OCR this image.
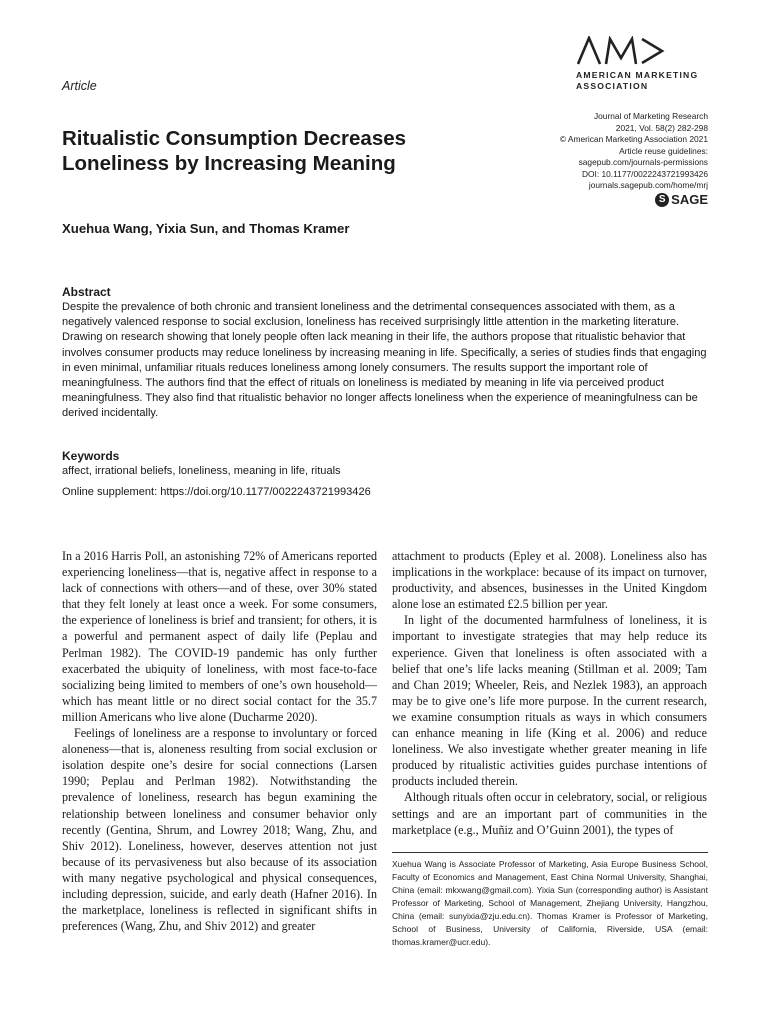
Article
AMERICAN MARKETING
ASSOCIATION
Journal of Marketing Research
2021, Vol. 58(2) 282-298
© American Marketing Association 2021
Article reuse guidelines:
sagepub.com/journals-permissions
DOI: 10.1177/0022243721993426
journals.sagepub.com/home/mrj
S SAGE
Ritualistic Consumption Decreases Loneliness by Increasing Meaning
Xuehua Wang, Yixia Sun, and Thomas Kramer
Abstract
Despite the prevalence of both chronic and transient loneliness and the detrimental consequences associated with them, as a negatively valenced response to social exclusion, loneliness has received surprisingly little attention in the marketing literature. Drawing on research showing that lonely people often lack meaning in their life, the authors propose that ritualistic behavior that involves consumer products may reduce loneliness by increasing meaning in life. Specifically, a series of studies finds that engaging in even minimal, unfamiliar rituals reduces loneliness among lonely consumers. The results support the important role of meaningfulness. The authors find that the effect of rituals on loneliness is mediated by meaning in life via perceived product meaningfulness. They also find that ritualistic behavior no longer affects loneliness when the experience of meaningfulness can be derived incidentally.
Keywords
affect, irrational beliefs, loneliness, meaning in life, rituals
Online supplement: https://doi.org/10.1177/0022243721993426

In a 2016 Harris Poll, an astonishing 72% of Americans reported experiencing loneliness—that is, negative affect in response to a lack of connections with others—and of these, over 30% stated that they felt lonely at least once a week. For some consumers, the experience of loneliness is brief and transient; for others, it is a powerful and permanent aspect of daily life (Peplau and Perlman 1982). The COVID-19 pandemic has only further exacerbated the ubiquity of loneliness, with most face-to-face socializing being limited to members of one’s own household—which has meant little or no direct social contact for the 35.7 million Americans who live alone (Ducharme 2020).

Feelings of loneliness are a response to involuntary or forced aloneness—that is, aloneness resulting from social exclusion or isolation despite one’s desire for social connections (Larsen 1990; Peplau and Perlman 1982). Notwithstanding the prevalence of loneliness, research has begun examining the relationship between loneliness and consumer behavior only recently (Gentina, Shrum, and Lowrey 2018; Wang, Zhu, and Shiv 2012). Loneliness, however, deserves attention not just because of its pervasiveness but also because of its association with many negative psychological and physical consequences, including depression, suicide, and early death (Hafner 2016). In the marketplace, loneliness is reflected in significant shifts in preferences (Wang, Zhu, and Shiv 2012) and greater

attachment to products (Epley et al. 2008). Loneliness also has implications in the workplace: because of its impact on turnover, productivity, and absences, businesses in the United Kingdom alone lose an estimated £2.5 billion per year.

In light of the documented harmfulness of loneliness, it is important to investigate strategies that may help reduce its experience. Given that loneliness is often associated with a belief that one’s life lacks meaning (Stillman et al. 2009; Tam and Chan 2019; Wheeler, Reis, and Nezlek 1983), an approach may be to give one’s life more purpose. In the current research, we examine consumption rituals as ways in which consumers can enhance meaning in life (King et al. 2006) and reduce loneliness. We also investigate whether greater meaning in life produced by ritualistic activities guides purchase intentions of products included therein.

Although rituals often occur in celebratory, social, or religious settings and are an important part of communities in the marketplace (e.g., Muñiz and O’Guinn 2001), the types of

Xuehua Wang is Associate Professor of Marketing, Asia Europe Business School, Faculty of Economics and Management, East China Normal University, Shanghai, China (email: mkxwang@gmail.com). Yixia Sun (corresponding author) is Assistant Professor of Marketing, School of Management, Zhejiang University, Hangzhou, China (email: sunyixia@zju.edu.cn). Thomas Kramer is Professor of Marketing, School of Business, University of California, Riverside, USA (email: thomas.kramer@ucr.edu).
